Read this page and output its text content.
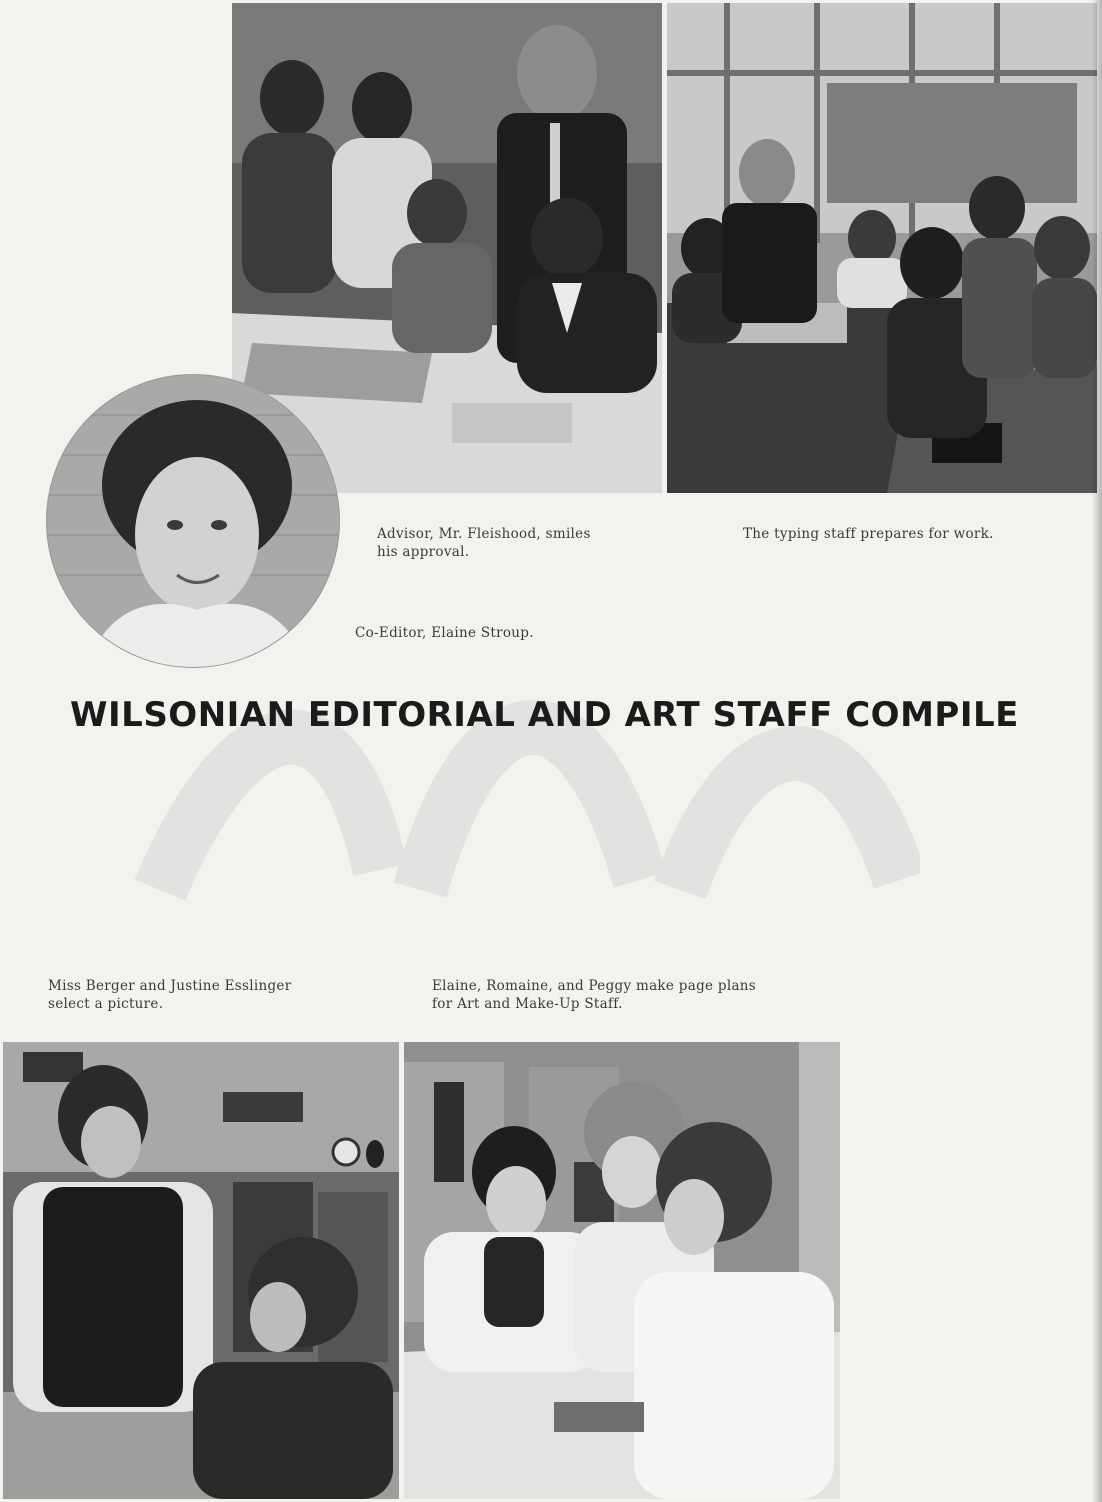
Advisor, Mr. Fleishood, smiles
his approval.
The typing staff prepares for work.
Co-Editor, Elaine Stroup.
WILSONIAN EDITORIAL AND ART STAFF COMPILE
Miss Berger and Justine Esslinger
select a picture.
Elaine, Romaine, and Peggy make page plans
for Art and Make-Up Staff.
